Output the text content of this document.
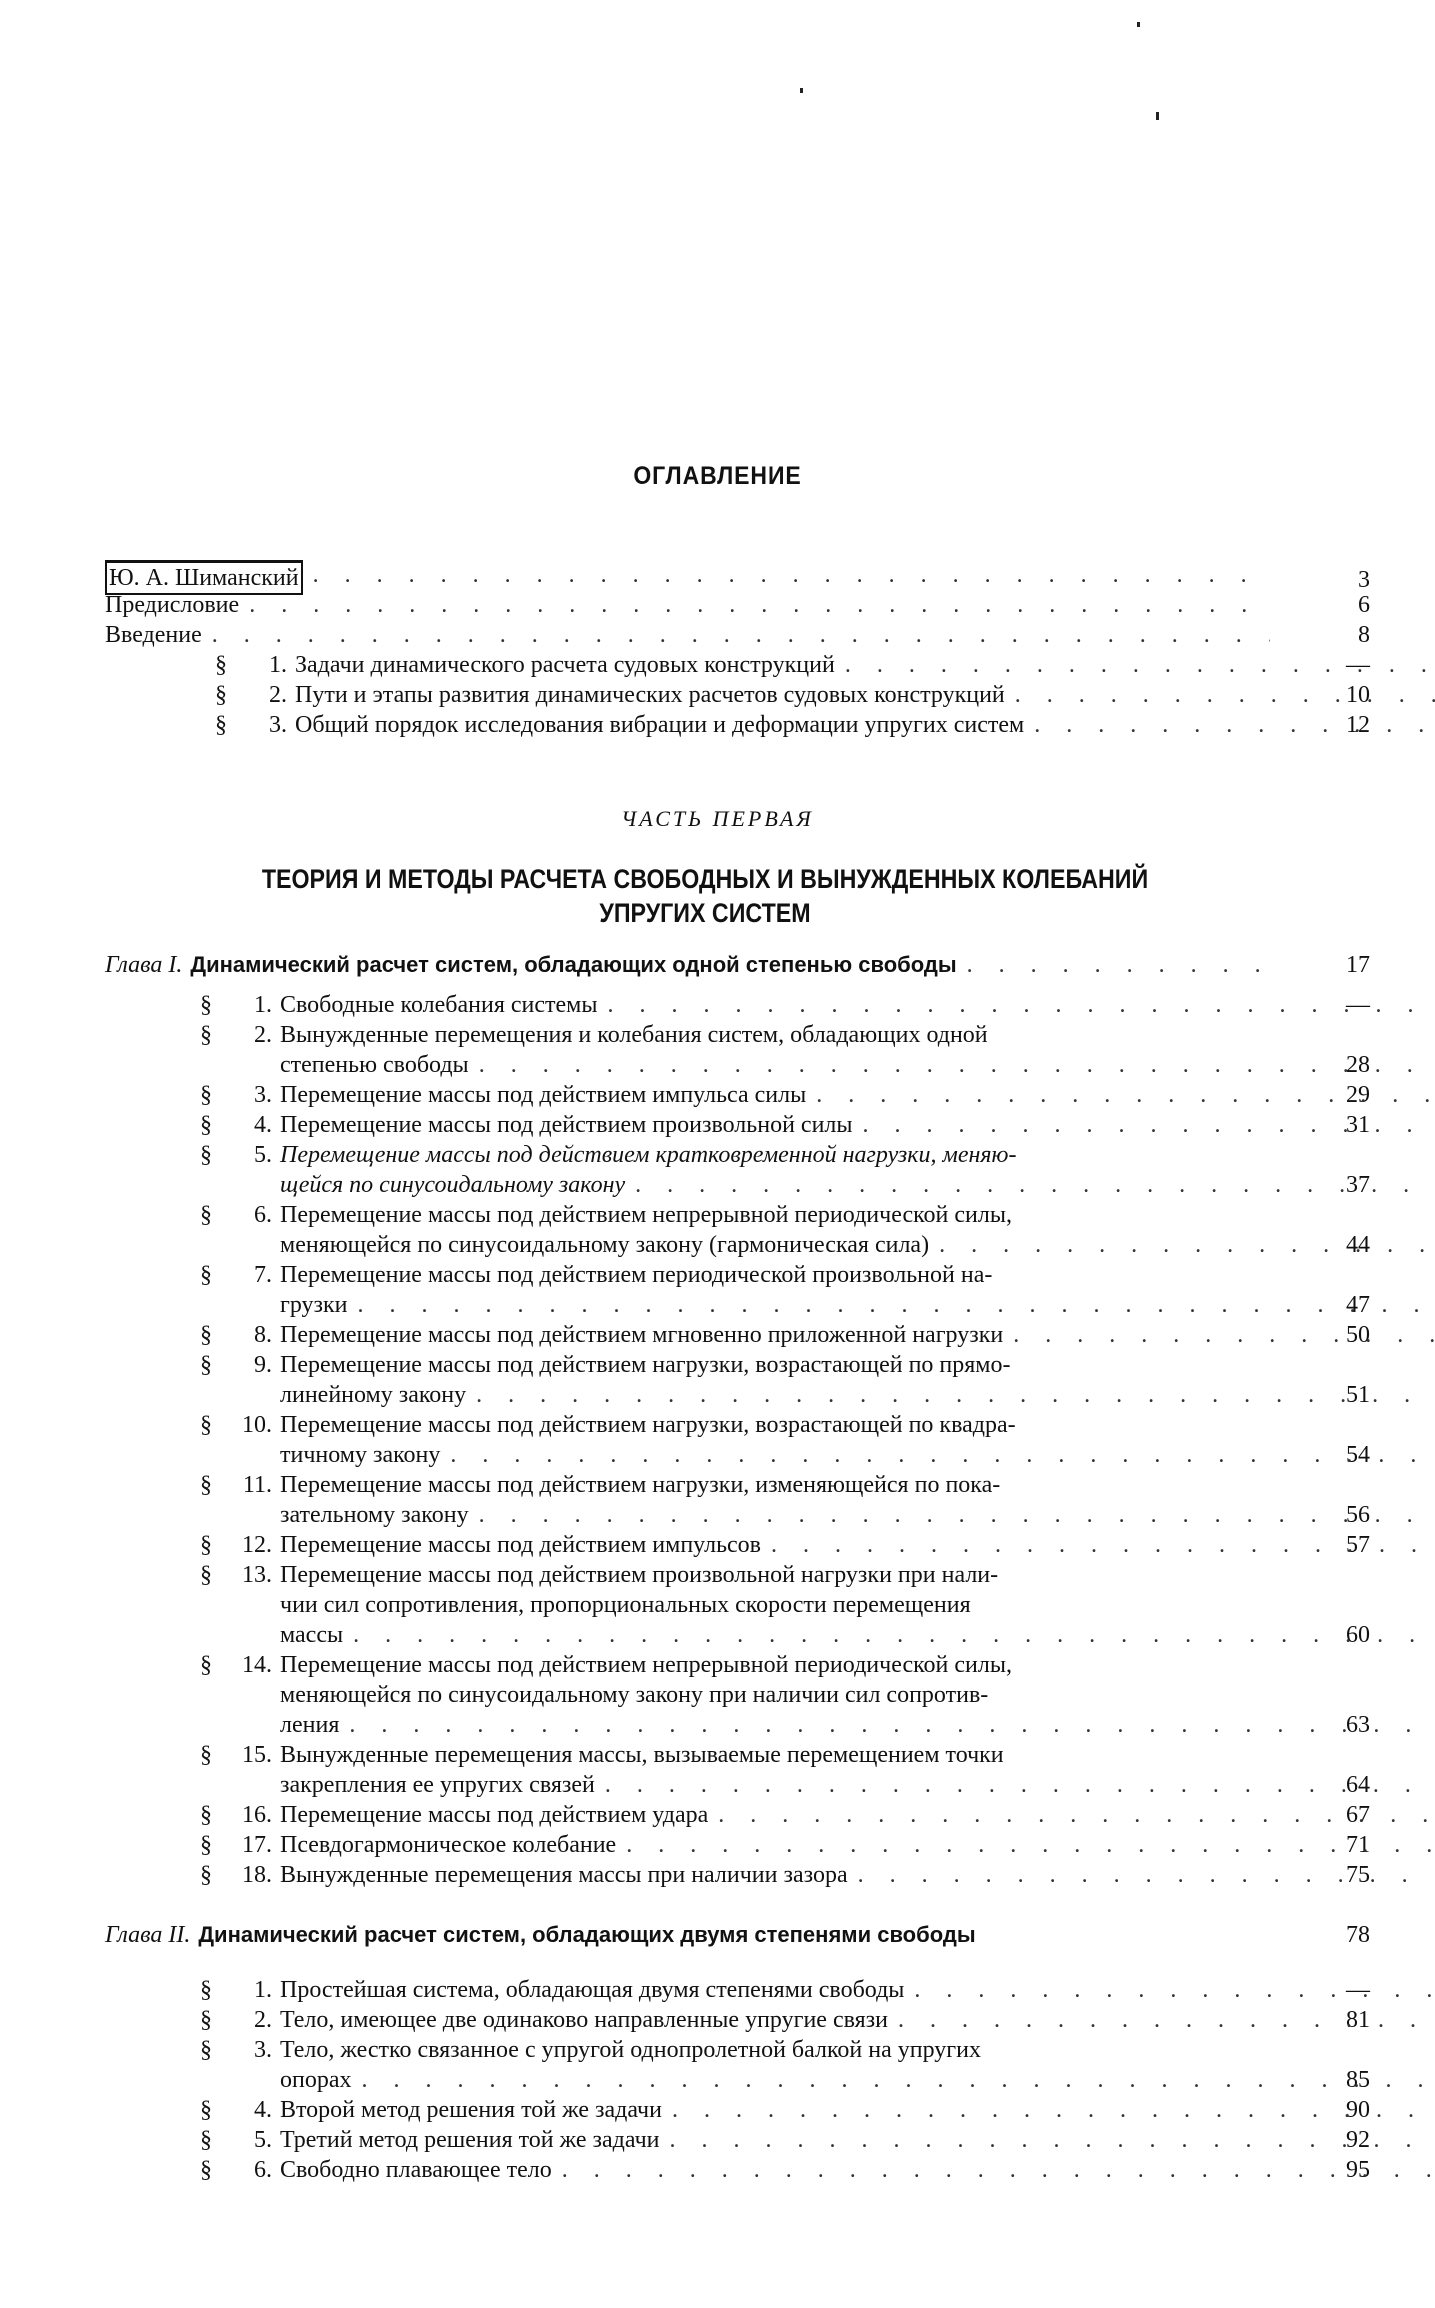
ОГЛАВЛЕНИЕ
ЧАСТЬ ПЕРВАЯ
ТЕОРИЯ И МЕТОДЫ РАСЧЕТА СВОБОДНЫХ И ВЫНУЖДЕННЫХ КОЛЕБАНИЙ
УПРУГИХ СИСТЕМ
Ю. А. Шиманский . . .	3
Предисловие . . .	6
Введение . . .	8
§	1. Задачи динамического расчета судовых конструкций . . .	—
§	2. Пути и этапы развития динамических расчетов судовых конструкций . . .	10
§	3. Общий порядок исследования вибрации и деформации упругих систем . . .	12
Глава I. Динамический расчет систем, обладающих одной степенью свободы . . .	17
§	1. Свободные колебания системы . . .	—
§	2. Вынужденные перемещения и колебания систем, обладающих одной
степенью свободы . . .	28
§	3. Перемещение массы под действием импульса силы . . .	29
§	4. Перемещение массы под действием произвольной силы . . .	31
§	5. Перемещение массы под действием кратковременной нагрузки, меняю-
щейся по синусоидальному закону . . .	37
§	6. Перемещение массы под действием непрерывной периодической силы,
меняющейся по синусоидальному закону (гармоническая сила) . . .	44
§	7. Перемещение массы под действием периодической произвольной на-
грузки . . .	47
§	8. Перемещение массы под действием мгновенно приложенной нагрузки . . .	50
§	9. Перемещение массы под действием нагрузки, возрастающей по прямо-
линейному закону . . .	51
§	10. Перемещение массы под действием нагрузки, возрастающей по квадра-
тичному закону . . .	54
§	11. Перемещение массы под действием нагрузки, изменяющейся по пока-
зательному закону . . .	56
§	12. Перемещение массы под действием импульсов . . .	57
§	13. Перемещение массы под действием произвольной нагрузки при нали-
чии сил сопротивления, пропорциональных скорости перемещения
массы . . .	60
§	14. Перемещение массы под действием непрерывной периодической силы,
меняющейся по синусоидальному закону при наличии сил сопротив-
ления . . .	63
§	15. Вынужденные перемещения массы, вызываемые перемещением точки
закрепления ее упругих связей . . .	64
§	16. Перемещение массы под действием удара . . .	67
§	17. Псевдогармоническое колебание . . .	71
§	18. Вынужденные перемещения массы при наличии зазора . . .	75
Глава II. Динамический расчет систем, обладающих двумя степенями свободы	78
§	1. Простейшая система, обладающая двумя степенями свободы . . .	—
§	2. Тело, имеющее две одинаково направленные упругие связи . . .	81
§	3. Тело, жестко связанное с упругой однопролетной балкой на упругих
опорах . . .	85
§	4. Второй метод решения той же задачи . . .	90
§	5. Третий метод решения той же задачи . . .	92
§	6. Свободно плавающее тело . . .	95
